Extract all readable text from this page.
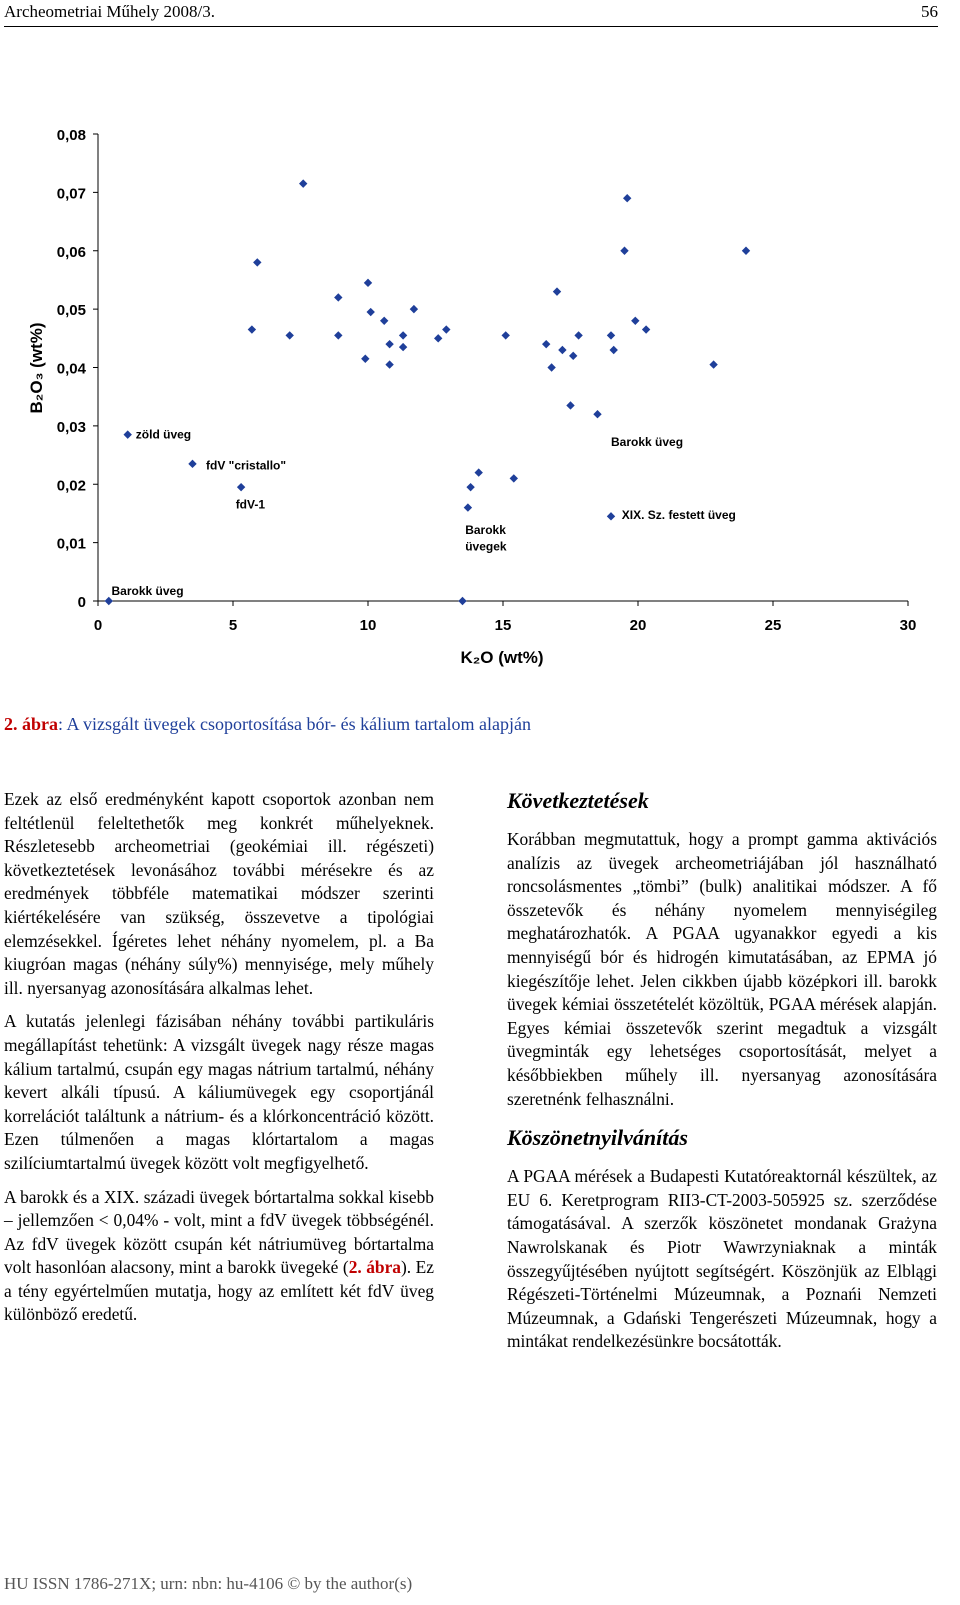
Archeometriai Műhely 2008/3.	56
0
0,01
0,02
0,03
0,04
0,05
0,06
0,07
0,08
0	5	10	15	20	25	30
zöld üveg
fdV "cristallo"
fdV-1
Barokk
üvegek
Barokk üveg
XIX. Sz. festett üveg
Barokk üveg
B₂O₃ (wt%)
K₂O (wt%)
2. ábra: A vizsgált üvegek csoportosítása bór- és kálium tartalom alapján

Ezek az első eredményként kapott csoportok azonban nem feltétlenül feleltethetők meg konkrét műhelyeknek. Részletesebb archeometriai (geokémiai ill. régészeti) következtetések levonásához további mérésekre és az eredmények többféle matematikai módszer szerinti kiértékelésére van szükség, összevetve a tipológiai elemzésekkel. Ígéretes lehet néhány nyomelem, pl. a Ba kiugróan magas (néhány súly%) mennyisége, mely műhely ill. nyersanyag azonosítására alkalmas lehet.

A kutatás jelenlegi fázisában néhány további partikuláris megállapítást tehetünk: A vizsgált üvegek nagy része magas kálium tartalmú, csupán egy magas nátrium tartalmú, néhány kevert alkáli típusú. A káliumüvegek egy csoportjánál korrelációt találtunk a nátrium- és a klórkoncentráció között. Ezen túlmenően a magas klórtartalom a magas szilíciumtartalmú üvegek között volt megfigyelhető.

A barokk és a XIX. századi üvegek bórtartalma sokkal kisebb – jellemzően < 0,04% - volt, mint a fdV üvegek többségénél. Az fdV üvegek között csupán két nátriumüveg bórtartalma volt hasonlóan alacsony, mint a barokk üvegeké (2. ábra). Ez a tény egyértelműen mutatja, hogy az említett két fdV üveg különböző eredetű.

Következtetések

Korábban megmutattuk, hogy a prompt gamma aktivációs analízis az üvegek archeometriájában jól használható roncsolásmentes „tömbi” (bulk) analitikai módszer. A fő összetevők és néhány nyomelem mennyiségileg meghatározhatók. A PGAA ugyanakkor egyedi a kis mennyiségű bór és hidrogén kimutatásában, az EPMA jó kiegészítője lehet. Jelen cikkben újabb középkori ill. barokk üvegek kémiai összetételét közöltük, PGAA mérések alapján. Egyes kémiai összetevők szerint megadtuk a vizsgált üvegminták egy lehetséges csoportosítását, melyet a későbbiekben műhely ill. nyersanyag azonosítására szeretnénk felhasználni.

Köszönetnyilvánítás

A PGAA mérések a Budapesti Kutatóreaktornál készültek, az EU 6. Keretprogram RII3-CT-2003-505925 sz. szerződése támogatásával. A szerzők köszönetet mondanak Grażyna Nawrolskanak és Piotr Wawrzyniaknak a minták összegyűjtésében nyújtott segítségért. Köszönjük az Elblągi Régészeti-Történelmi Múzeumnak, a Poznańi Nemzeti Múzeumnak, a Gdański Tengerészeti Múzeumnak, hogy a mintákat rendelkezésünkre bocsátották.

HU ISSN 1786-271X; urn: nbn: hu-4106 © by the author(s)
